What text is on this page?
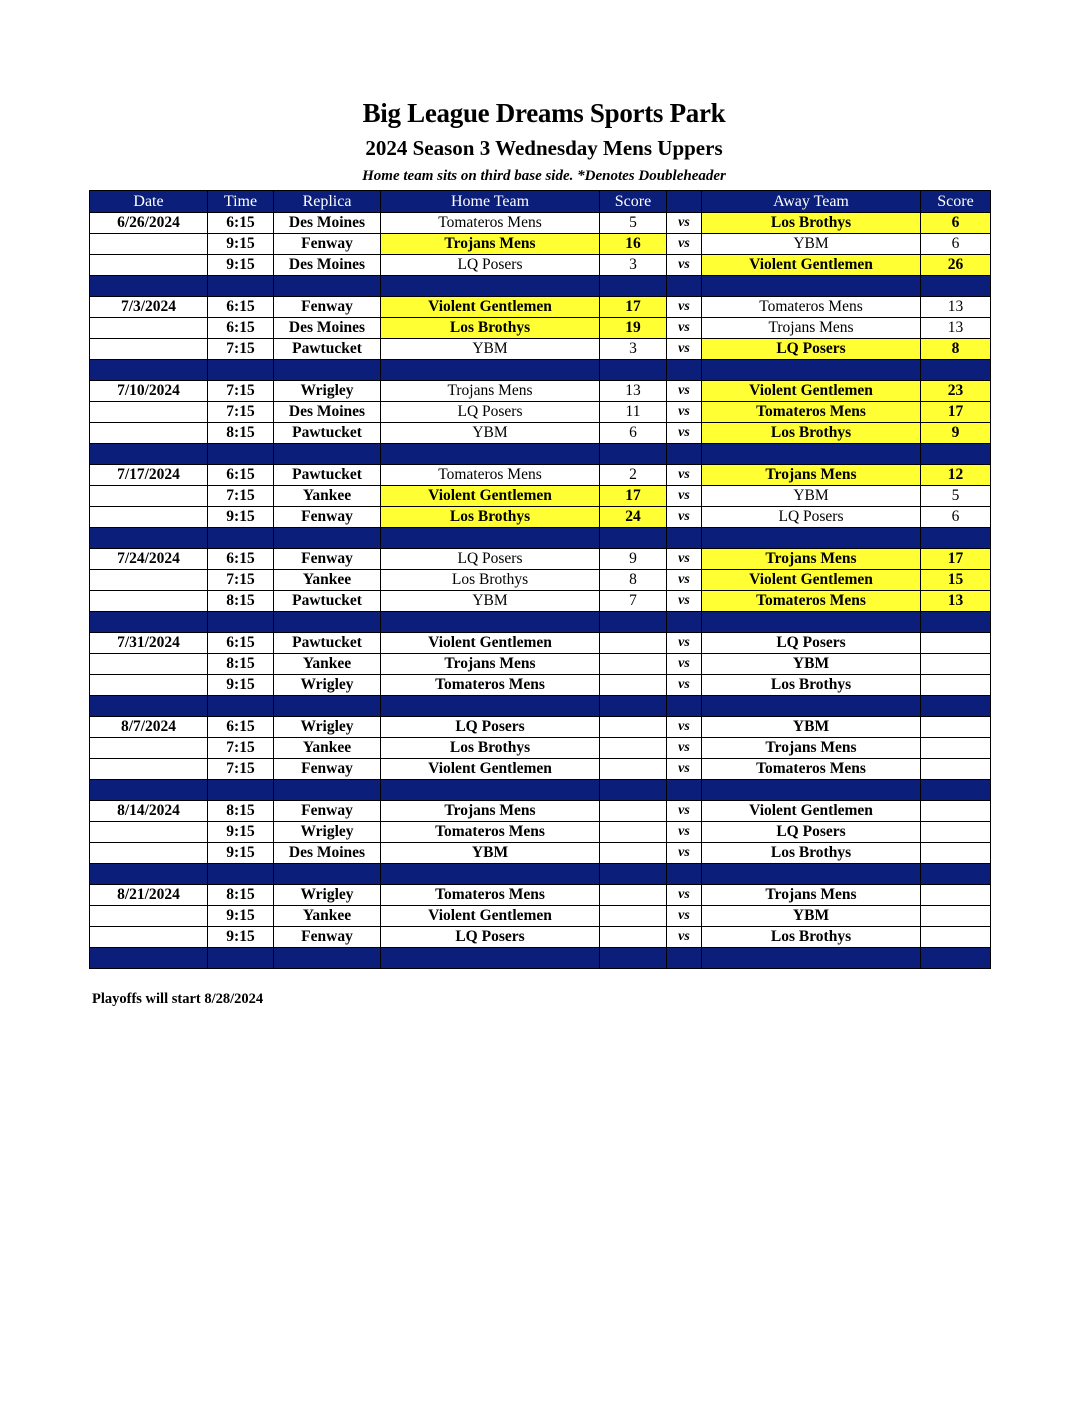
Big League Dreams Sports Park
2024 Season 3 Wednesday Mens Uppers
Home team sits on third base side. *Denotes Doubleheader
Date	Time	Replica	Home Team	Score		Away Team	Score
6/26/2024	6:15	Des Moines	Tomateros Mens	5	vs	Los Brothys	6
	9:15	Fenway	Trojans Mens	16	vs	YBM	6
	9:15	Des Moines	LQ Posers	3	vs	Violent Gentlemen	26

7/3/2024	6:15	Fenway	Violent Gentlemen	17	vs	Tomateros Mens	13
	6:15	Des Moines	Los Brothys	19	vs	Trojans Mens	13
	7:15	Pawtucket	YBM	3	vs	LQ Posers	8

7/10/2024	7:15	Wrigley	Trojans Mens	13	vs	Violent Gentlemen	23
	7:15	Des Moines	LQ Posers	11	vs	Tomateros Mens	17
	8:15	Pawtucket	YBM	6	vs	Los Brothys	9

7/17/2024	6:15	Pawtucket	Tomateros Mens	2	vs	Trojans Mens	12
	7:15	Yankee	Violent Gentlemen	17	vs	YBM	5
	9:15	Fenway	Los Brothys	24	vs	LQ Posers	6

7/24/2024	6:15	Fenway	LQ Posers	9	vs	Trojans Mens	17
	7:15	Yankee	Los Brothys	8	vs	Violent Gentlemen	15
	8:15	Pawtucket	YBM	7	vs	Tomateros Mens	13

7/31/2024	6:15	Pawtucket	Violent Gentlemen		vs	LQ Posers	
	8:15	Yankee	Trojans Mens		vs	YBM	
	9:15	Wrigley	Tomateros Mens		vs	Los Brothys	

8/7/2024	6:15	Wrigley	LQ Posers		vs	YBM	
	7:15	Yankee	Los Brothys		vs	Trojans Mens	
	7:15	Fenway	Violent Gentlemen		vs	Tomateros Mens	

8/14/2024	8:15	Fenway	Trojans Mens		vs	Violent Gentlemen	
	9:15	Wrigley	Tomateros Mens		vs	LQ Posers	
	9:15	Des Moines	YBM		vs	Los Brothys	

8/21/2024	8:15	Wrigley	Tomateros Mens		vs	Trojans Mens	
	9:15	Yankee	Violent Gentlemen		vs	YBM	
	9:15	Fenway	LQ Posers		vs	Los Brothys	

Playoffs will start 8/28/2024
